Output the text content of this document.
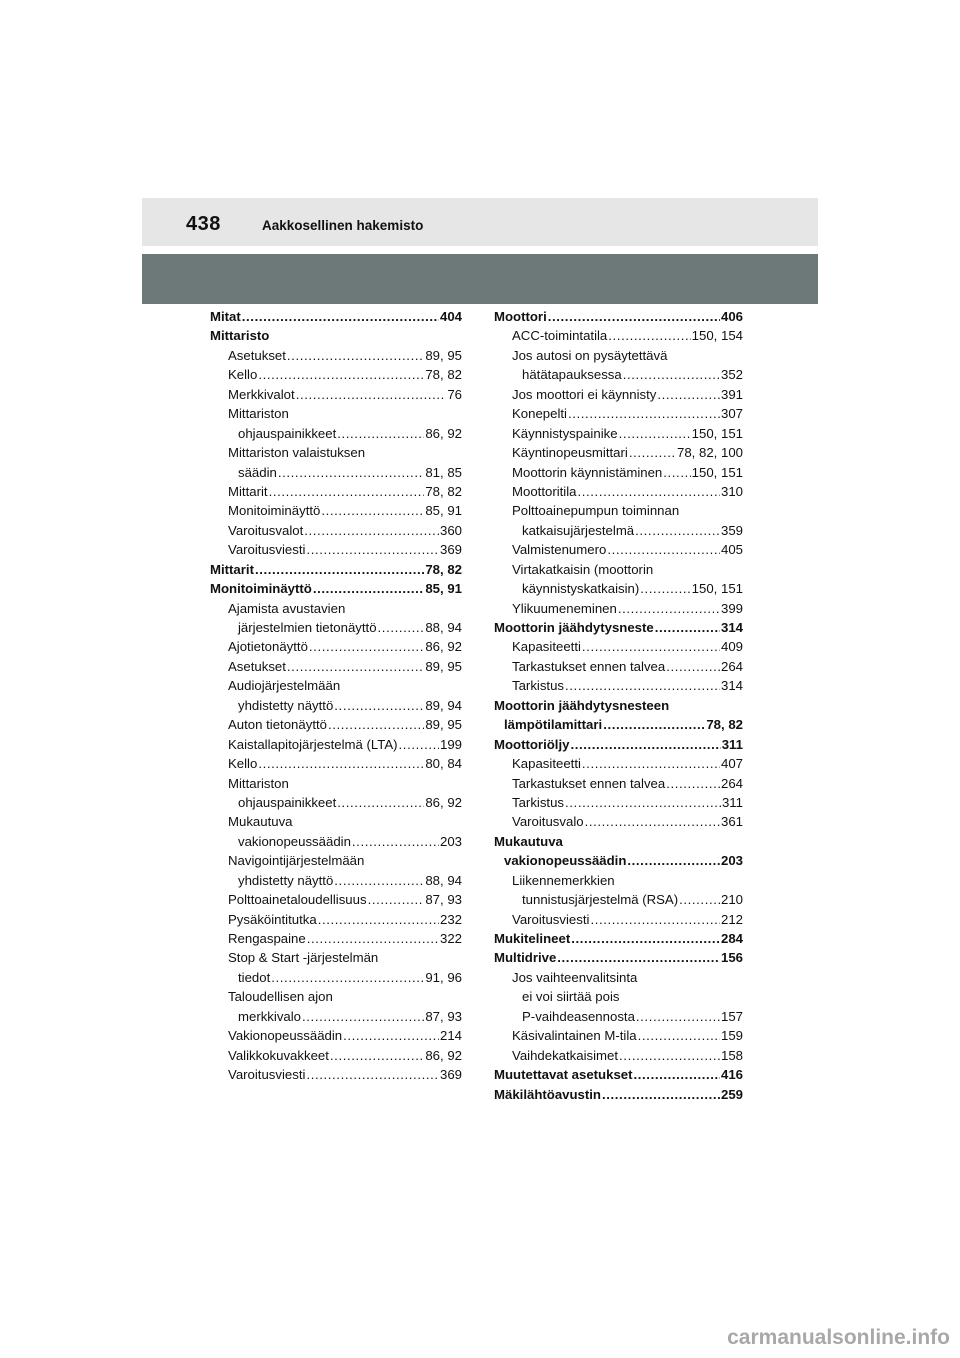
438	Aakkosellinen hakemisto
Mitat .....	404
Mittaristo
Asetukset .....	89, 95
Kello .....	78, 82
Merkkivalot .....	76
Mittariston
ohjauspainikkeet .....	86, 92
Mittariston valaistuksen
säädin .....	81, 85
Mittarit .....	78, 82
Monitoiminäyttö .....	85, 91
Varoitusvalot .....	360
Varoitusviesti .....	369
Mittarit .....	78, 82
Monitoiminäyttö .....	85, 91
Ajamista avustavien
järjestelmien tietonäyttö .....	88, 94
Ajotietonäyttö .....	86, 92
Asetukset .....	89, 95
Audiojärjestelmään
yhdistetty näyttö .....	89, 94
Auton tietonäyttö .....	89, 95
Kaistallapitojärjestelmä (LTA) .....	199
Kello .....	80, 84
Mittariston
ohjauspainikkeet .....	86, 92
Mukautuva
vakionopeussäädin .....	203
Navigointijärjestelmään
yhdistetty näyttö .....	88, 94
Polttoainetaloudellisuus .....	87, 93
Pysäköintitutka .....	232
Rengaspaine .....	322
Stop & Start -järjestelmän
tiedot .....	91, 96
Taloudellisen ajon
merkkivalo .....	87, 93
Vakionopeussäädin .....	214
Valikkokuvakkeet .....	86, 92
Varoitusviesti .....	369
Moottori .....	406
ACC-toimintatila .....	150, 154
Jos autosi on pysäytettävä
hätätapauksessa .....	352
Jos moottori ei käynnisty .....	391
Konepelti .....	307
Käynnistyspainike .....	150, 151
Käyntinopeusmittari .....	78, 82, 100
Moottorin käynnistäminen ..... 150, 151
Moottoritila .....	310
Polttoainepumpun toiminnan
katkaisujärjestelmä .....	359
Valmistenumero .....	405
Virtakatkaisin (moottorin
käynnistyskatkaisin) .....	150, 151
Ylikuumeneminen .....	399
Moottorin jäähdytysneste .....	314
Kapasiteetti .....	409
Tarkastukset ennen talvea .....	264
Tarkistus .....	314
Moottorin jäähdytysnesteen
lämpötilamittari .....	78, 82
Moottoriöljy .....	311
Kapasiteetti .....	407
Tarkastukset ennen talvea .....	264
Tarkistus .....	311
Varoitusvalo .....	361
Mukautuva
vakionopeussäädin .....	203
Liikennemerkkien
tunnistusjärjestelmä (RSA) .....	210
Varoitusviesti .....	212
Mukitelineet .....	284
Multidrive .....	156
Jos vaihteenvalitsinta
ei voi siirtää pois
P-vaihdeasennosta .....	157
Käsivalintainen M-tila .....	159
Vaihdekatkaisimet .....	158
Muutettavat asetukset .....	416
Mäkilähtöavustin .....	259
carmanualsonline.info
